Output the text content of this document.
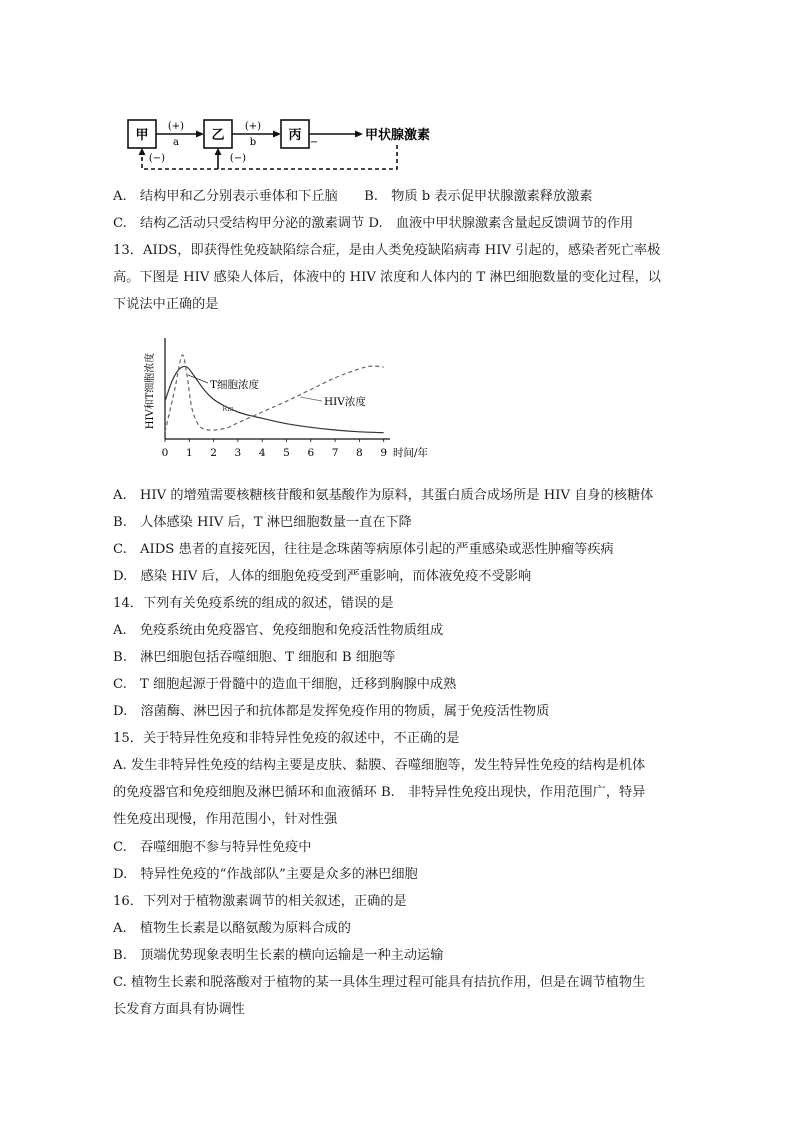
甲	乙	丙
(+)	(+)
a	b
(−)	(−)
−	甲状腺激素
A.　结构甲和乙分别表示垂体和下丘脑　　B.　物质 b 表示促甲状腺激素释放激素
C.　结构乙活动只受结构甲分泌的激素调节 D.　血液中甲状腺激素含量起反馈调节的作用
13．AIDS，即获得性免疫缺陷综合症，是由人类免疫缺陷病毒 HIV 引起的，感染者死亡率极
高。下图是 HIV 感染人体后，体液中的 HIV 浓度和人体内的 T 淋巴细胞数量的变化过程，以
下说法中正确的是
HIV和T细胞浓度
时间/年
0 1 2 3 4 5 6 7 8 9
T细胞浓度
HIV浓度
Rm
A.　HIV 的增殖需要核糖核苷酸和氨基酸作为原料，其蛋白质合成场所是 HIV 自身的核糖体
B.　人体感染 HIV 后，T 淋巴细胞数量一直在下降
C.　AIDS 患者的直接死因，往往是念珠菌等病原体引起的严重感染或恶性肿瘤等疾病
D.　感染 HIV 后，人体的细胞免疫受到严重影响，而体液免疫不受影响
14．下列有关免疫系统的组成的叙述，错误的是
A.　免疫系统由免疫器官、免疫细胞和免疫活性物质组成
B.　淋巴细胞包括吞噬细胞、T 细胞和 B 细胞等
C.　T 细胞起源于骨髓中的造血干细胞，迁移到胸腺中成熟
D.　溶菌酶、淋巴因子和抗体都是发挥免疫作用的物质，属于免疫活性物质
15．关于特异性免疫和非特异性免疫的叙述中，不正确的是
A. 发生非特异性免疫的结构主要是皮肤、黏膜、吞噬细胞等，发生特异性免疫的结构是机体
的免疫器官和免疫细胞及淋巴循环和血液循环 B.　非特异性免疫出现快，作用范围广，特异
性免疫出现慢，作用范围小，针对性强
C.　吞噬细胞不参与特异性免疫中
D.　特异性免疫的“作战部队”主要是众多的淋巴细胞
16．下列对于植物激素调节的相关叙述，正确的是
A.　植物生长素是以酪氨酸为原料合成的
B.　顶端优势现象表明生长素的横向运输是一种主动运输
C. 植物生长素和脱落酸对于植物的某一具体生理过程可能具有拮抗作用，但是在调节植物生
长发育方面具有协调性
